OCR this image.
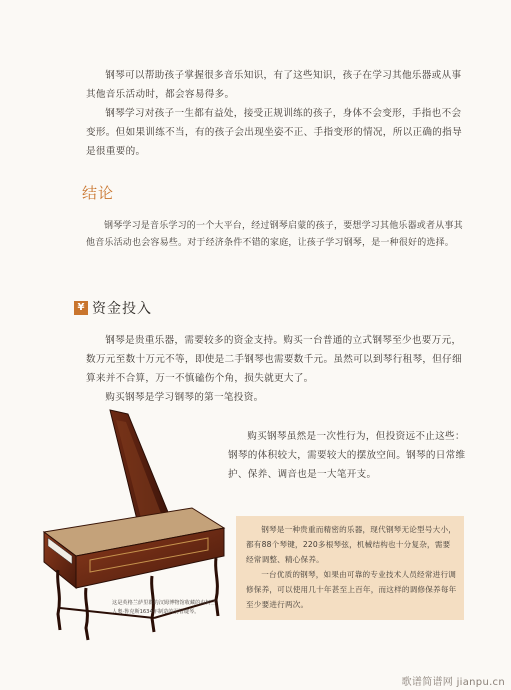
钢琴可以帮助孩子掌握很多音乐知识，有了这些知识，孩子在学习其他乐器或从事其他音乐活动时，都会容易得多。

钢琴学习对孩子一生都有益处，接受正规训练的孩子，身体不会变形，手指也不会变形。但如果训练不当，有的孩子会出现坐姿不正、手指变形的情况，所以正确的指导是很重要的。

结论

钢琴学习是音乐学习的一个大平台，经过钢琴启蒙的孩子，要想学习其他乐器或者从事其他音乐活动也会容易些。对于经济条件不错的家庭，让孩子学习钢琴，是一种很好的选择。

¥ 资金投入

钢琴是贵重乐器，需要较多的资金支持。购买一台普通的立式钢琴至少也要万元，数万元至数十万元不等，即使是二手钢琴也需要数千元。虽然可以到琴行租琴，但仔细算来并不合算，万一不慎磕伤个角，损失就更大了。

购买钢琴是学习钢琴的第一笔投资。

购买钢琴虽然是一次性行为，但投资远不止这些：钢琴的体积较大，需要较大的摆放空间。钢琴的日常维护、保养、调音也是一大笔开支。

这是英格兰萨里郡的汉姆博物馆收藏的由柯兰人奥·鲁克斯1634年制造的羽管键琴。

钢琴是一种贵重而精密的乐器，现代钢琴无论型号大小，都有88个琴键，220多根琴弦，机械结构也十分复杂，需要经常调整、精心保养。
一台优质的钢琴，如果由可靠的专业技术人员经常进行调修保养，可以使用几十年甚至上百年，而这样的调修保养每年至少要进行两次。

歌谱简谱网 jianpu.cn
